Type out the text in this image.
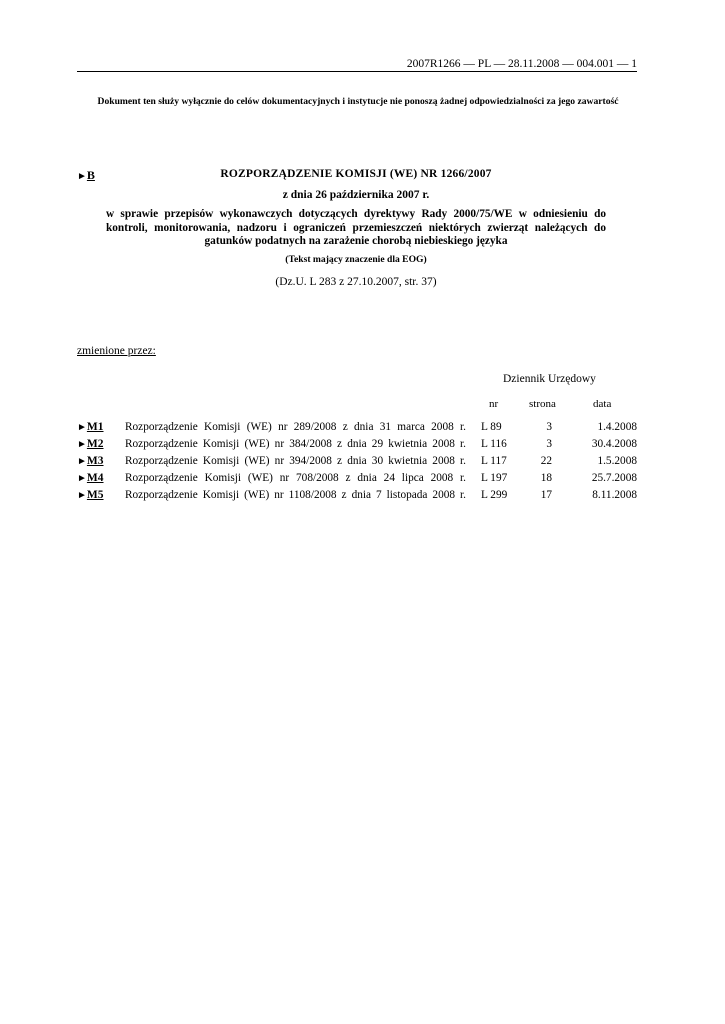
2007R1266 — PL — 28.11.2008 — 004.001 — 1
Dokument ten służy wyłącznie do celów dokumentacyjnych i instytucje nie ponoszą żadnej odpowiedzialności za jego zawartość
►B	ROZPORZĄDZENIE KOMISJI (WE) NR 1266/2007
z dnia 26 października 2007 r.
w sprawie przepisów wykonawczych dotyczących dyrektywy Rady 2000/75/WE w odniesieniu do kontroli, monitorowania, nadzoru i ograniczeń przemieszczeń niektórych zwierząt należących do gatunków podatnych na zarażenie chorobą niebieskiego języka
(Tekst mający znaczenie dla EOG)
(Dz.U. L 283 z 27.10.2007, str. 37)
zmienione przez:
Dziennik Urzędowy
nr	strona	data
►M1 Rozporządzenie Komisji (WE) nr 289/2008 z dnia 31 marca 2008 r. L 89	3	1.4.2008
►M2 Rozporządzenie Komisji (WE) nr 384/2008 z dnia 29 kwietnia 2008 r. L 116	3	30.4.2008
►M3 Rozporządzenie Komisji (WE) nr 394/2008 z dnia 30 kwietnia 2008 r. L 117	22	1.5.2008
►M4 Rozporządzenie Komisji (WE) nr 708/2008 z dnia 24 lipca 2008 r. L 197	18	25.7.2008
►M5 Rozporządzenie Komisji (WE) nr 1108/2008 z dnia 7 listopada 2008 r. L 299	17	8.11.2008
